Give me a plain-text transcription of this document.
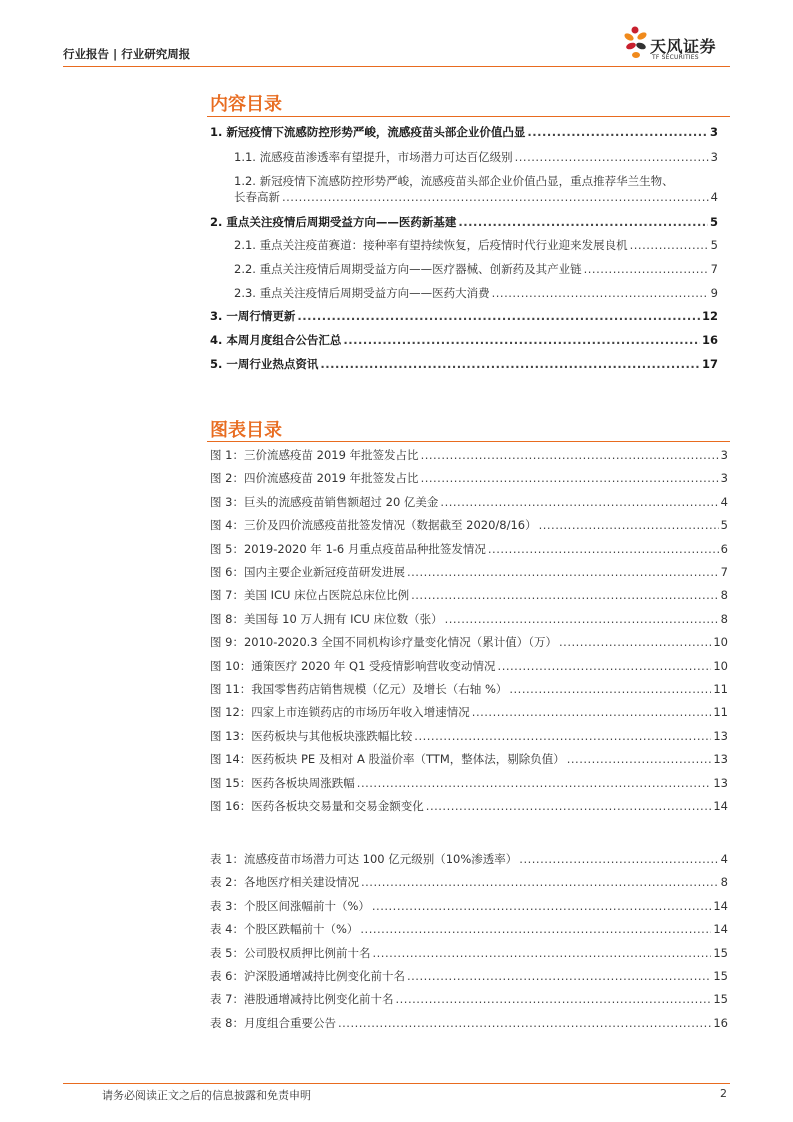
行业报告 | 行业研究周报	天风证券
TF SECURITIES
内容目录
1. 新冠疫情下流感防控形势严峻，流感疫苗头部企业价值凸显 .....	3
1.1. 流感疫苗渗透率有望提升，市场潜力可达百亿级别 .....	3
1.2. 新冠疫情下流感防控形势严峻，流感疫苗头部企业价值凸显，重点推荐华兰生物、
长春高新 .....	4
2. 重点关注疫情后周期受益方向——医药新基建 .....	5
2.1. 重点关注疫苗赛道：接种率有望持续恢复，后疫情时代行业迎来发展良机 .....	5
2.2. 重点关注疫情后周期受益方向——医疗器械、创新药及其产业链 .....	7
2.3. 重点关注疫情后周期受益方向——医药大消费 .....	9
3. 一周行情更新 .....	12
4. 本周月度组合公告汇总 .....	16
5. 一周行业热点资讯 .....	17
图表目录
图 1：三价流感疫苗 2019 年批签发占比 .....	3
图 2：四价流感疫苗 2019 年批签发占比 .....	3
图 3：巨头的流感疫苗销售额超过 20 亿美金 .....	4
图 4：三价及四价流感疫苗批签发情况（数据截至 2020/8/16） .....	5
图 5：2019-2020 年 1-6 月重点疫苗品种批签发情况 .....	6
图 6：国内主要企业新冠疫苗研发进展 .....	7
图 7：美国 ICU 床位占医院总床位比例 .....	8
图 8：美国每 10 万人拥有 ICU 床位数（张） .....	8
图 9：2010-2020.3 全国不同机构诊疗量变化情况（累计值）（万） .....	10
图 10：通策医疗 2020 年 Q1 受疫情影响营收变动情况 .....	10
图 11：我国零售药店销售规模（亿元）及增长（右轴 %） .....	11
图 12：四家上市连锁药店的市场历年收入增速情况 .....	11
图 13：医药板块与其他板块涨跌幅比较 .....	13
图 14：医药板块 PE 及相对 A 股溢价率（TTM，整体法，剔除负值） .....	13
图 15：医药各板块周涨跌幅 .....	13
图 16：医药各板块交易量和交易金额变化 .....	14
表 1：流感疫苗市场潜力可达 100 亿元级别（10%渗透率） .....	4
表 2：各地医疗相关建设情况 .....	8
表 3：个股区间涨幅前十（%） .....	14
表 4：个股区跌幅前十（%） .....	14
表 5：公司股权质押比例前十名 .....	15
表 6：沪深股通增减持比例变化前十名 .....	15
表 7：港股通增减持比例变化前十名 .....	15
表 8：月度组合重要公告 .....	16
请务必阅读正文之后的信息披露和免责申明	2
